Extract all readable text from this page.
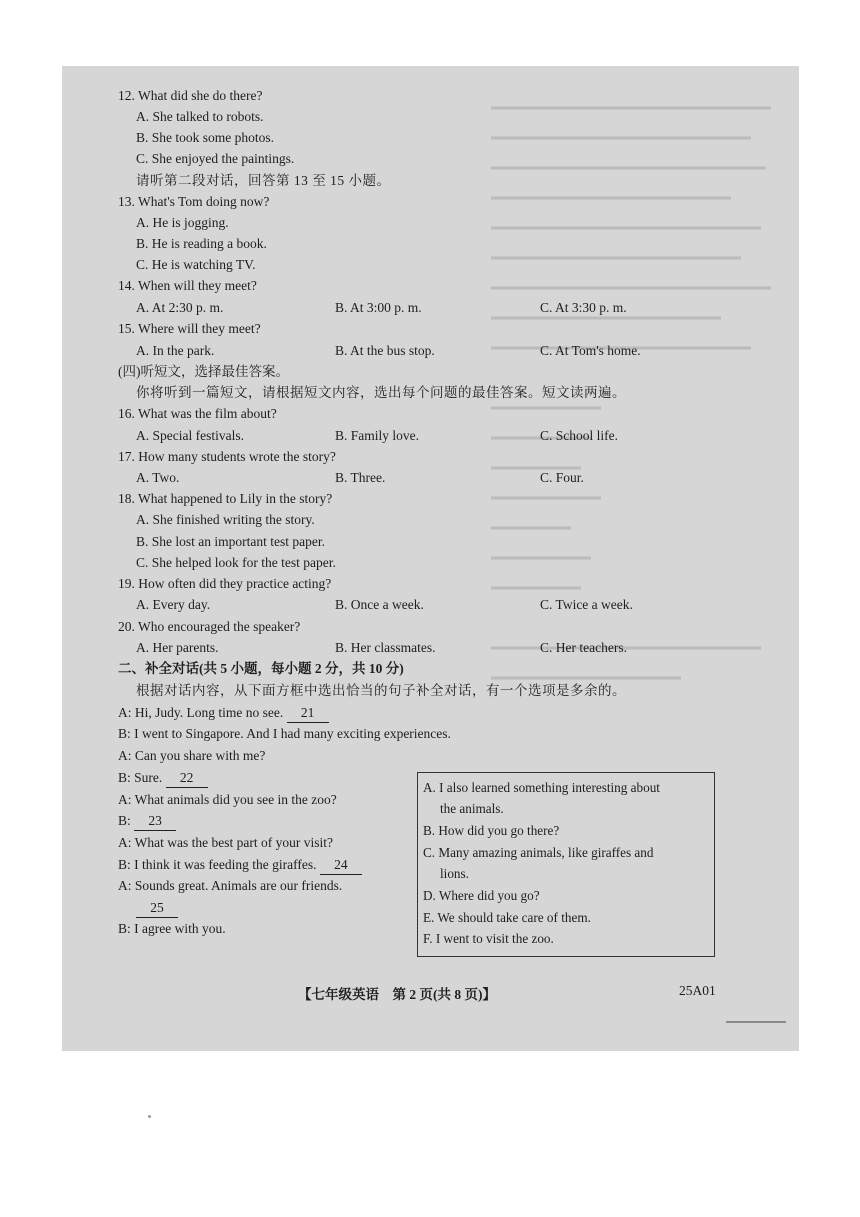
12. What did she do there?
A. She talked to robots.
B. She took some photos.
C. She enjoyed the paintings.
请听第二段对话，回答第 13 至 15 小题。
13. What's Tom doing now?
A. He is jogging.
B. He is reading a book.
C. He is watching TV.
14. When will they meet?
A. At 2:30 p. m.	B. At 3:00 p. m.	C. At 3:30 p. m.
15. Where will they meet?
A. In the park.	B. At the bus stop.	C. At Tom's home.
(四)听短文，选择最佳答案。
你将听到一篇短文，请根据短文内容，选出每个问题的最佳答案。短文读两遍。
16. What was the film about?
A. Special festivals.	B. Family love.	C. School life.
17. How many students wrote the story?
A. Two.	B. Three.	C. Four.
18. What happened to Lily in the story?
A. She finished writing the story.
B. She lost an important test paper.
C. She helped look for the test paper.
19. How often did they practice acting?
A. Every day.	B. Once a week.	C. Twice a week.
20. Who encouraged the speaker?
A. Her parents.	B. Her classmates.	C. Her teachers.
二、补全对话(共 5 小题，每小题 2 分，共 10 分)
根据对话内容，从下面方框中选出恰当的句子补全对话，有一个选项是多余的。
A: Hi, Judy. Long time no see. 21
B: I went to Singapore. And I had many exciting experiences.
A: Can you share with me?
B: Sure. 22
A: What animals did you see in the zoo?
B: 23
A: What was the best part of your visit?
B: I think it was feeding the giraffes. 24
A: Sounds great. Animals are our friends.
25
B: I agree with you.
A. I also learned something interesting about
the animals.
B. How did you go there?
C. Many amazing animals, like giraffes and
lions.
D. Where did you go?
E. We should take care of them.
F. I went to visit the zoo.
【七年级英语　第 2 页(共 8 页)】	25A01
